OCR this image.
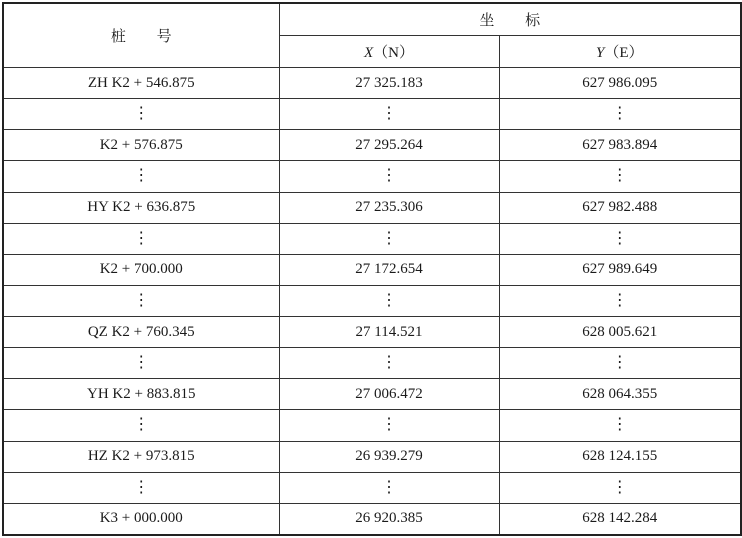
桩 号	坐 标	
	X（N）	Y（E）
ZH K2 + 546.875	27 325.183	627 986.095
⋮	⋮	⋮
K2 + 576.875	27 295.264	627 983.894
⋮	⋮	⋮
HY K2 + 636.875	27 235.306	627 982.488
⋮	⋮	⋮
K2 + 700.000	27 172.654	627 989.649
⋮	⋮	⋮
QZ K2 + 760.345	27 114.521	628 005.621
⋮	⋮	⋮
YH K2 + 883.815	27 006.472	628 064.355
⋮	⋮	⋮
HZ K2 + 973.815	26 939.279	628 124.155
⋮	⋮	⋮
K3 + 000.000	26 920.385	628 142.284
